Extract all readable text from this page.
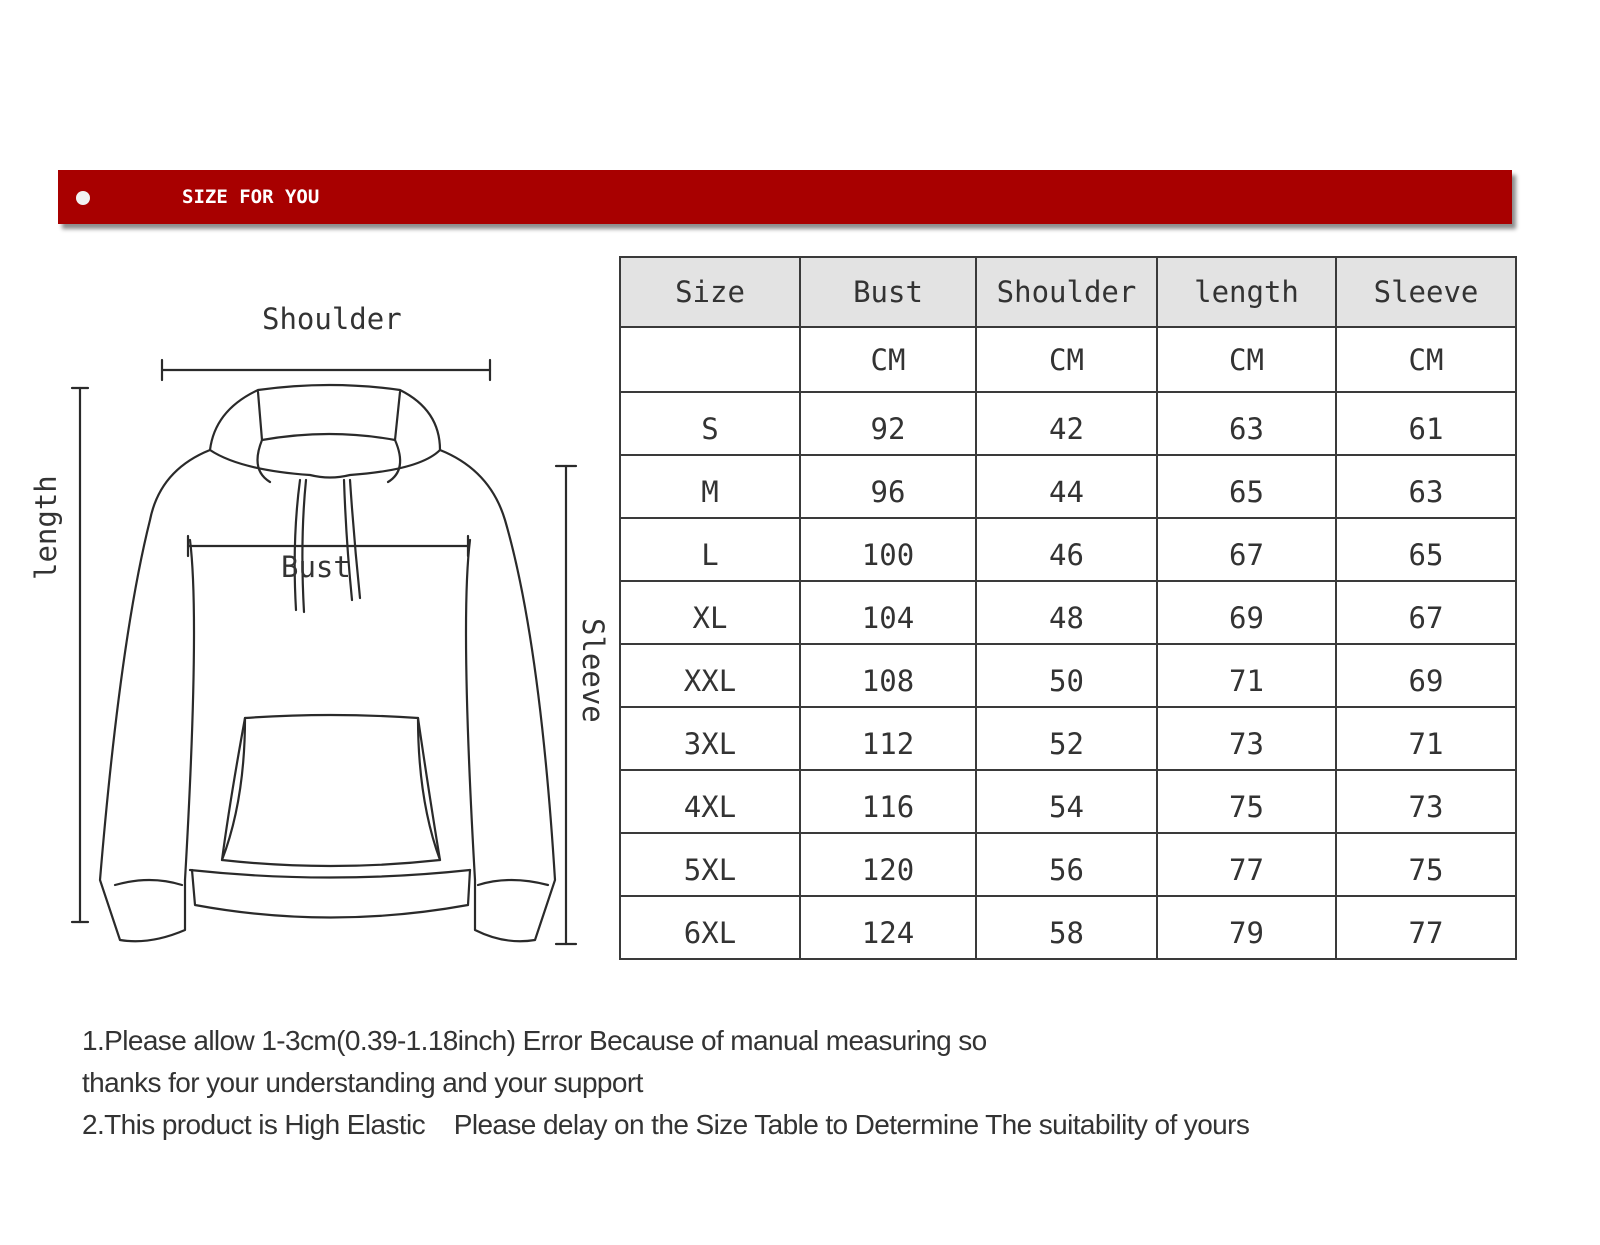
SIZE FOR YOU
Shoulder
Bust
length
Sleeve
Size	Bust	Shoulder	length	Sleeve
	CM	CM	CM	CM
S	92	42	63	61
M	96	44	65	63
L	100	46	67	65
XL	104	48	69	67
XXL	108	50	71	69
3XL	112	52	73	71
4XL	116	54	75	73
5XL	120	56	77	75
6XL	124	58	79	77
1.Please allow 1-3cm(0.39-1.18inch) Error Because of manual measuring so
thanks for your understanding and your support
2.This product is High Elastic    Please delay on the Size Table to Determine The suitability of yours
